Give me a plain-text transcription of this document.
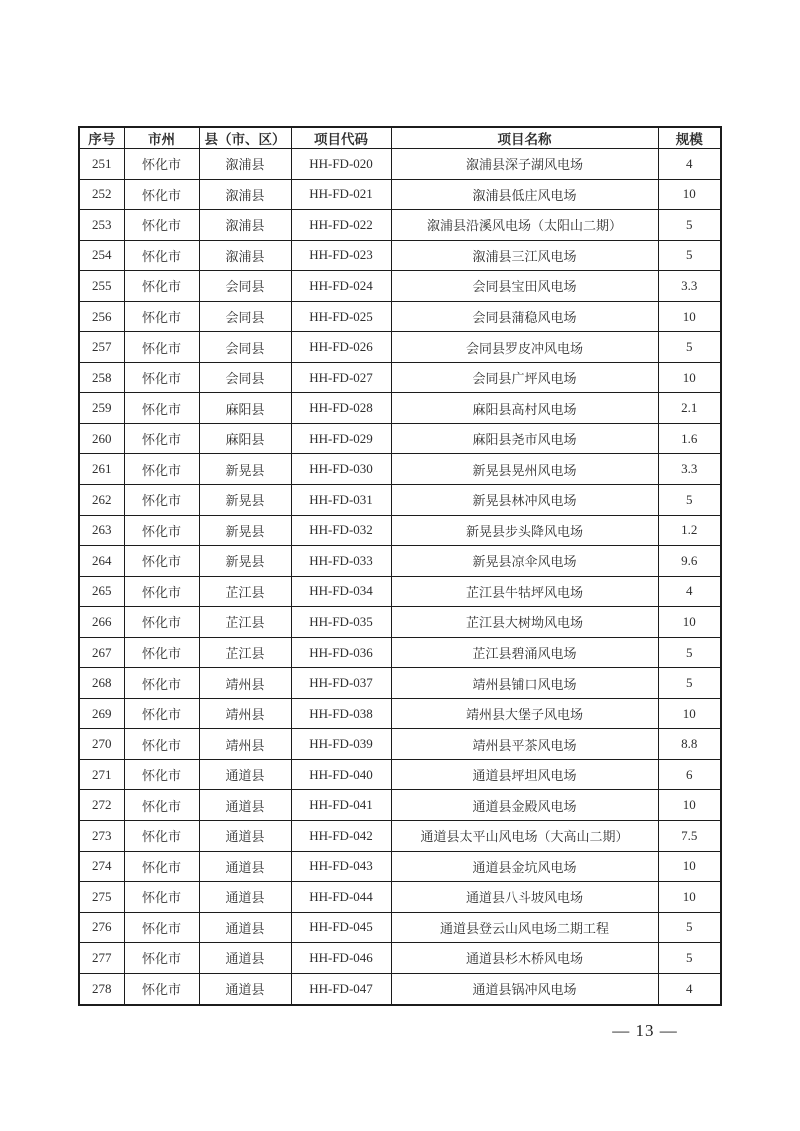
序号	市州	县（市、区）	项目代码	项目名称	规模
251	怀化市	溆浦县	HH-FD-020	溆浦县深子湖风电场	4
252	怀化市	溆浦县	HH-FD-021	溆浦县低庄风电场	10
253	怀化市	溆浦县	HH-FD-022	溆浦县沿溪风电场（太阳山二期）	5
254	怀化市	溆浦县	HH-FD-023	溆浦县三江风电场	5
255	怀化市	会同县	HH-FD-024	会同县宝田风电场	3.3
256	怀化市	会同县	HH-FD-025	会同县蒲稳风电场	10
257	怀化市	会同县	HH-FD-026	会同县罗皮冲风电场	5
258	怀化市	会同县	HH-FD-027	会同县广坪风电场	10
259	怀化市	麻阳县	HH-FD-028	麻阳县高村风电场	2.1
260	怀化市	麻阳县	HH-FD-029	麻阳县尧市风电场	1.6
261	怀化市	新晃县	HH-FD-030	新晃县晃州风电场	3.3
262	怀化市	新晃县	HH-FD-031	新晃县林冲风电场	5
263	怀化市	新晃县	HH-FD-032	新晃县步头降风电场	1.2
264	怀化市	新晃县	HH-FD-033	新晃县凉伞风电场	9.6
265	怀化市	芷江县	HH-FD-034	芷江县牛牯坪风电场	4
266	怀化市	芷江县	HH-FD-035	芷江县大树坳风电场	10
267	怀化市	芷江县	HH-FD-036	芷江县碧涌风电场	5
268	怀化市	靖州县	HH-FD-037	靖州县铺口风电场	5
269	怀化市	靖州县	HH-FD-038	靖州县大堡子风电场	10
270	怀化市	靖州县	HH-FD-039	靖州县平茶风电场	8.8
271	怀化市	通道县	HH-FD-040	通道县坪坦风电场	6
272	怀化市	通道县	HH-FD-041	通道县金殿风电场	10
273	怀化市	通道县	HH-FD-042	通道县太平山风电场（大高山二期）	7.5
274	怀化市	通道县	HH-FD-043	通道县金坑风电场	10
275	怀化市	通道县	HH-FD-044	通道县八斗坡风电场	10
276	怀化市	通道县	HH-FD-045	通道县登云山风电场二期工程	5
277	怀化市	通道县	HH-FD-046	通道县杉木桥风电场	5
278	怀化市	通道县	HH-FD-047	通道县锅冲风电场	4
— 13 —
